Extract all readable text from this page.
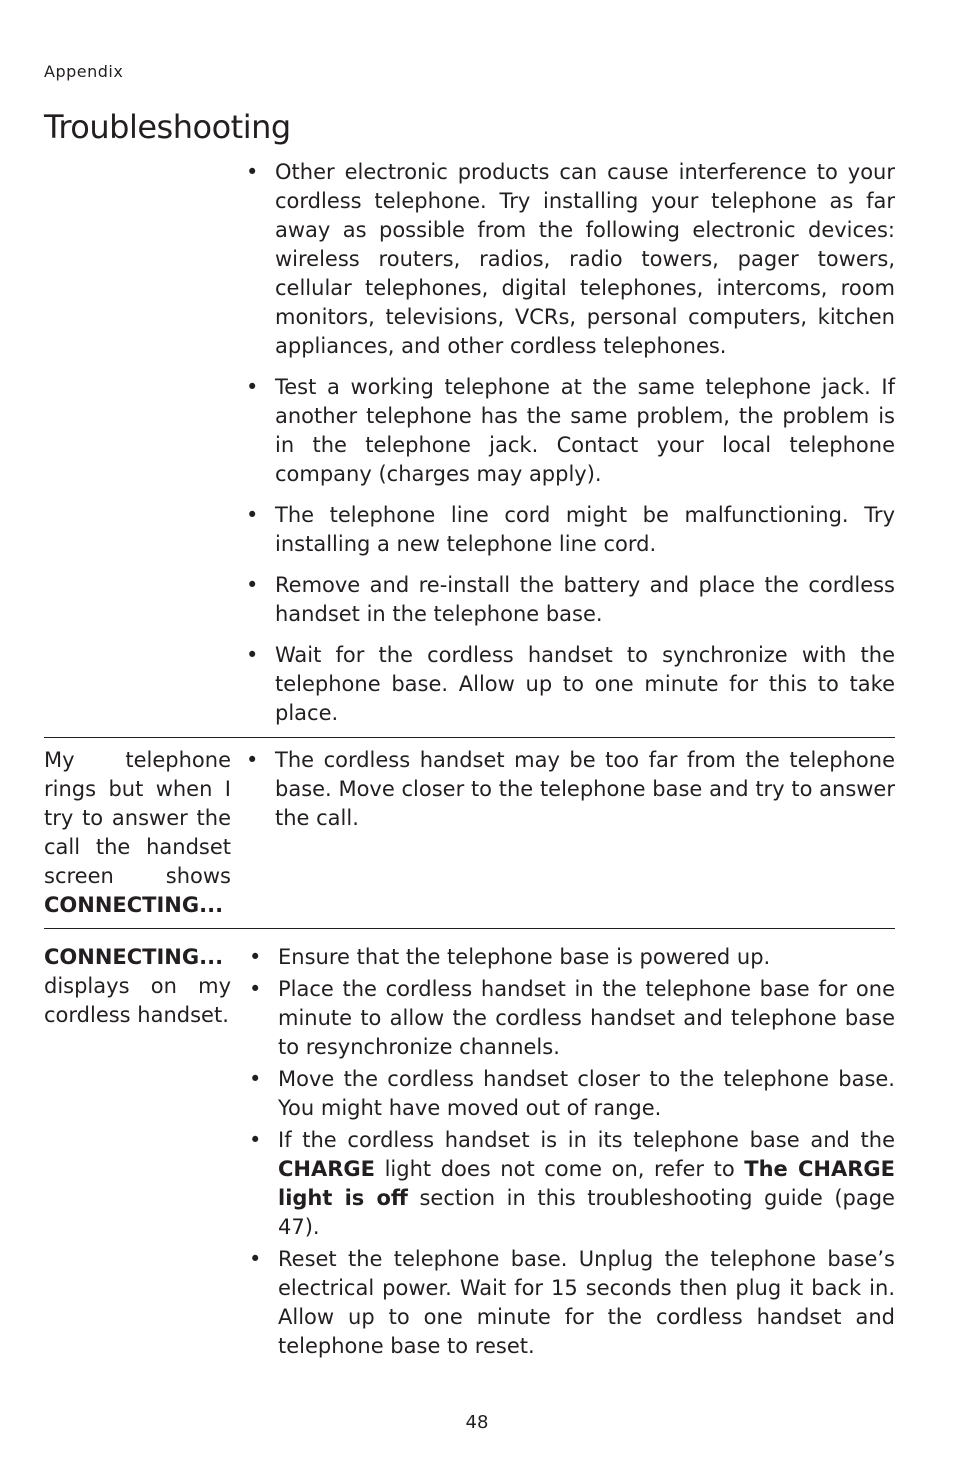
Appendix
Troubleshooting
• Other electronic products can cause interference to your cordless telephone. Try installing your telephone as far away as possible from the following electronic devices: wireless routers, radios, radio towers, pager towers, cellular telephones, digital telephones, intercoms, room monitors, televisions, VCRs, personal computers, kitchen appliances, and other cordless telephones.
• Test a working telephone at the same telephone jack. If another telephone has the same problem, the problem is in the telephone jack. Contact your local telephone company (charges may apply).
• The telephone line cord might be malfunctioning. Try installing a new telephone line cord.
• Remove and re-install the battery and place the cordless handset in the telephone base.
• Wait for the cordless handset to synchronize with the telephone base. Allow up to one minute for this to take place.

My telephone rings but when I try to answer the call the handset screen shows CONNECTING...

• The cordless handset may be too far from the telephone base. Move closer to the telephone base and try to answer the call.

CONNECTING... displays on my cordless handset.

• Ensure that the telephone base is powered up.
• Place the cordless handset in the telephone base for one minute to allow the cordless handset and telephone base to resynchronize channels.
• Move the cordless handset closer to the telephone base. You might have moved out of range.
• If the cordless handset is in its telephone base and the CHARGE light does not come on, refer to The CHARGE light is off section in this troubleshooting guide (page 47).
• Reset the telephone base. Unplug the telephone base’s electrical power. Wait for 15 seconds then plug it back in. Allow up to one minute for the cordless handset and telephone base to reset.
48
